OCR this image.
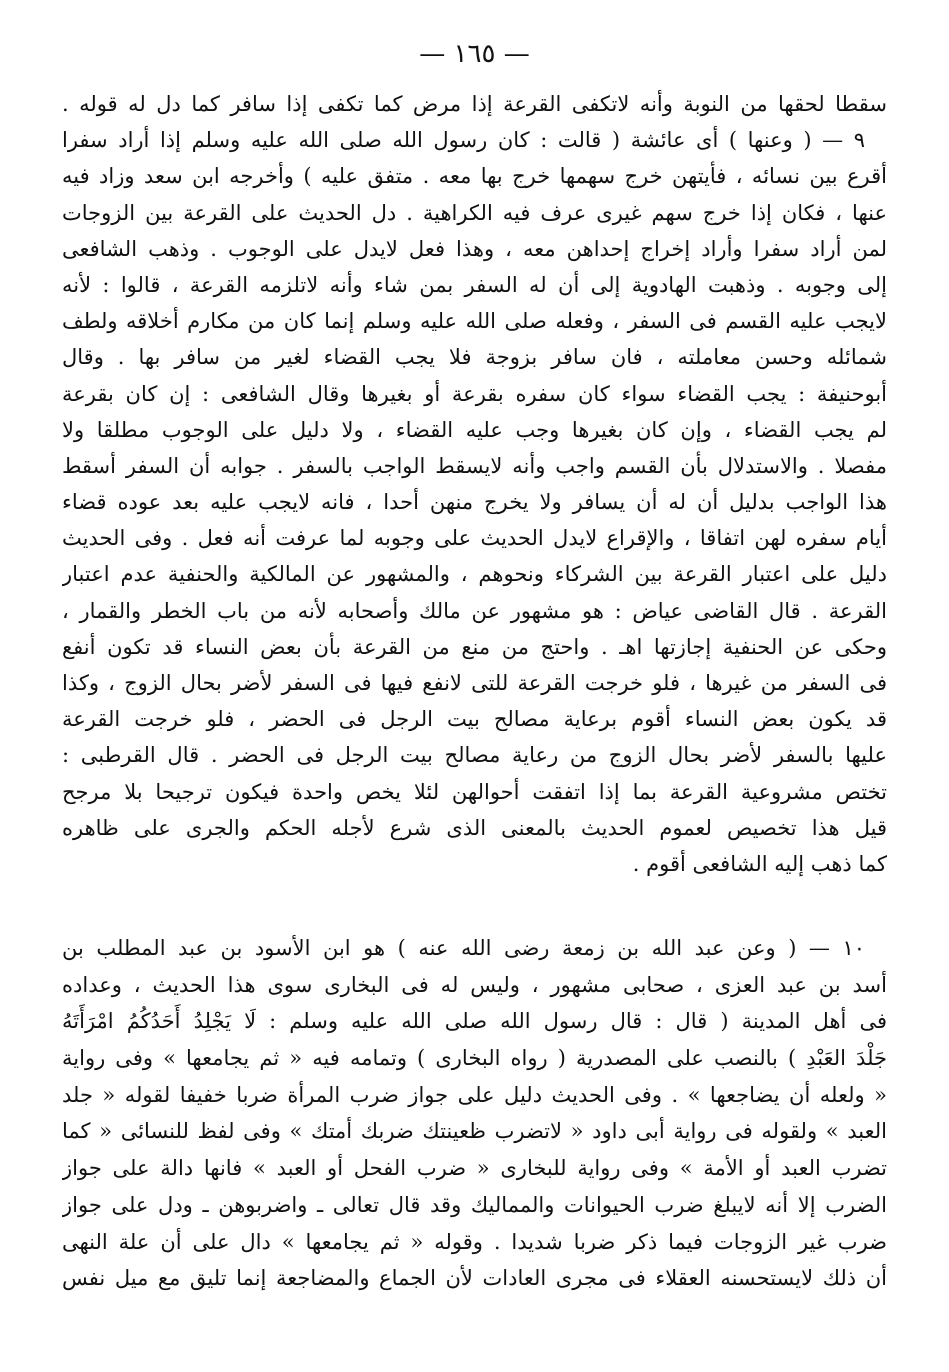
— ١٦٥ —
سقطا لحقها من النوبة وأنه لاتكفى القرعة إذا مرض كما تكفى إذا سافر كما دل له قوله .
٩ — ( وعنها ) أى عائشة ( قالت : كان رسول الله صلى الله عليه وسلم إذا أراد سفرا
أقرع بين نسائه ، فأيتهن خرج سهمها خرج بها معه . متفق عليه ) وأخرجه ابن سعد وزاد فيه
عنها ، فكان إذا خرج سهم غيرى عرف فيه الكراهية . دل الحديث على القرعة بين الزوجات
لمن أراد سفرا وأراد إخراج إحداهن معه ، وهذا فعل لايدل على الوجوب . وذهب الشافعى
إلى وجوبه . وذهبت الهادوية إلى أن له السفر بمن شاء وأنه لاتلزمه القرعة ، قالوا : لأنه
لايجب عليه القسم فى السفر ، وفعله صلى الله عليه وسلم إنما كان من مكارم أخلاقه ولطف
شمائله وحسن معاملته ، فان سافر بزوجة فلا يجب القضاء لغير من سافر بها . وقال
أبوحنيفة : يجب القضاء سواء كان سفره بقرعة أو بغيرها وقال الشافعى : إن كان بقرعة
لم يجب القضاء ، وإن كان بغيرها وجب عليه القضاء ، ولا دليل على الوجوب مطلقا ولا
مفصلا . والاستدلال بأن القسم واجب وأنه لايسقط الواجب بالسفر . جوابه أن السفر أسقط
هذا الواجب بدليل أن له أن يسافر ولا يخرج منهن أحدا ، فانه لايجب عليه بعد عوده قضاء
أيام سفره لهن اتفاقا ، والإقراع لايدل الحديث على وجوبه لما عرفت أنه فعل . وفى الحديث
دليل على اعتبار القرعة بين الشركاء ونحوهم ، والمشهور عن المالكية والحنفية عدم اعتبار
القرعة . قال القاضى عياض : هو مشهور عن مالك وأصحابه لأنه من باب الخطر والقمار ،
وحكى عن الحنفية إجازتها اهـ . واحتج من منع من القرعة بأن بعض النساء قد تكون أنفع
فى السفر من غيرها ، فلو خرجت القرعة للتى لانفع فيها فى السفر لأضر بحال الزوج ، وكذا
قد يكون بعض النساء أقوم برعاية مصالح بيت الرجل فى الحضر ، فلو خرجت القرعة
عليها بالسفر لأضر بحال الزوج من رعاية مصالح بيت الرجل فى الحضر . قال القرطبى :
تختص مشروعية القرعة بما إذا اتفقت أحوالهن لئلا يخص واحدة فيكون ترجيحا بلا مرجح
قيل هذا تخصيص لعموم الحديث بالمعنى الذى شرع لأجله الحكم والجرى على ظاهره
كما ذهب إليه الشافعى أقوم .
١٠ — ( وعن عبد الله بن زمعة رضى الله عنه ) هو ابن الأسود بن عبد المطلب بن
أسد بن عبد العزى ، صحابى مشهور ، وليس له فى البخارى سوى هذا الحديث ، وعداده
فى أهل المدينة ( قال : قال رسول الله صلى الله عليه وسلم : لَا يَجْلِدُ أَحَدُكُمُ امْرَأَتَهُ
جَلْدَ العَبْدِ ) بالنصب على المصدرية ( رواه البخارى ) وتمامه فيه « ثم يجامعها » وفى رواية
« ولعله أن يضاجعها » . وفى الحديث دليل على جواز ضرب المرأة ضربا خفيفا لقوله « جلد
العبد » ولقوله فى رواية أبى داود « لاتضرب ظعينتك ضربك أمتك » وفى لفظ للنسائى « كما
تضرب العبد أو الأمة » وفى رواية للبخارى « ضرب الفحل أو العبد » فانها دالة على جواز
الضرب إلا أنه لايبلغ ضرب الحيوانات والمماليك وقد قال تعالى ـ واضربوهن ـ ودل على جواز
ضرب غير الزوجات فيما ذكر ضربا شديدا . وقوله « ثم يجامعها » دال على أن علة النهى
أن ذلك لايستحسنه العقلاء فى مجرى العادات لأن الجماع والمضاجعة إنما تليق مع ميل نفس
